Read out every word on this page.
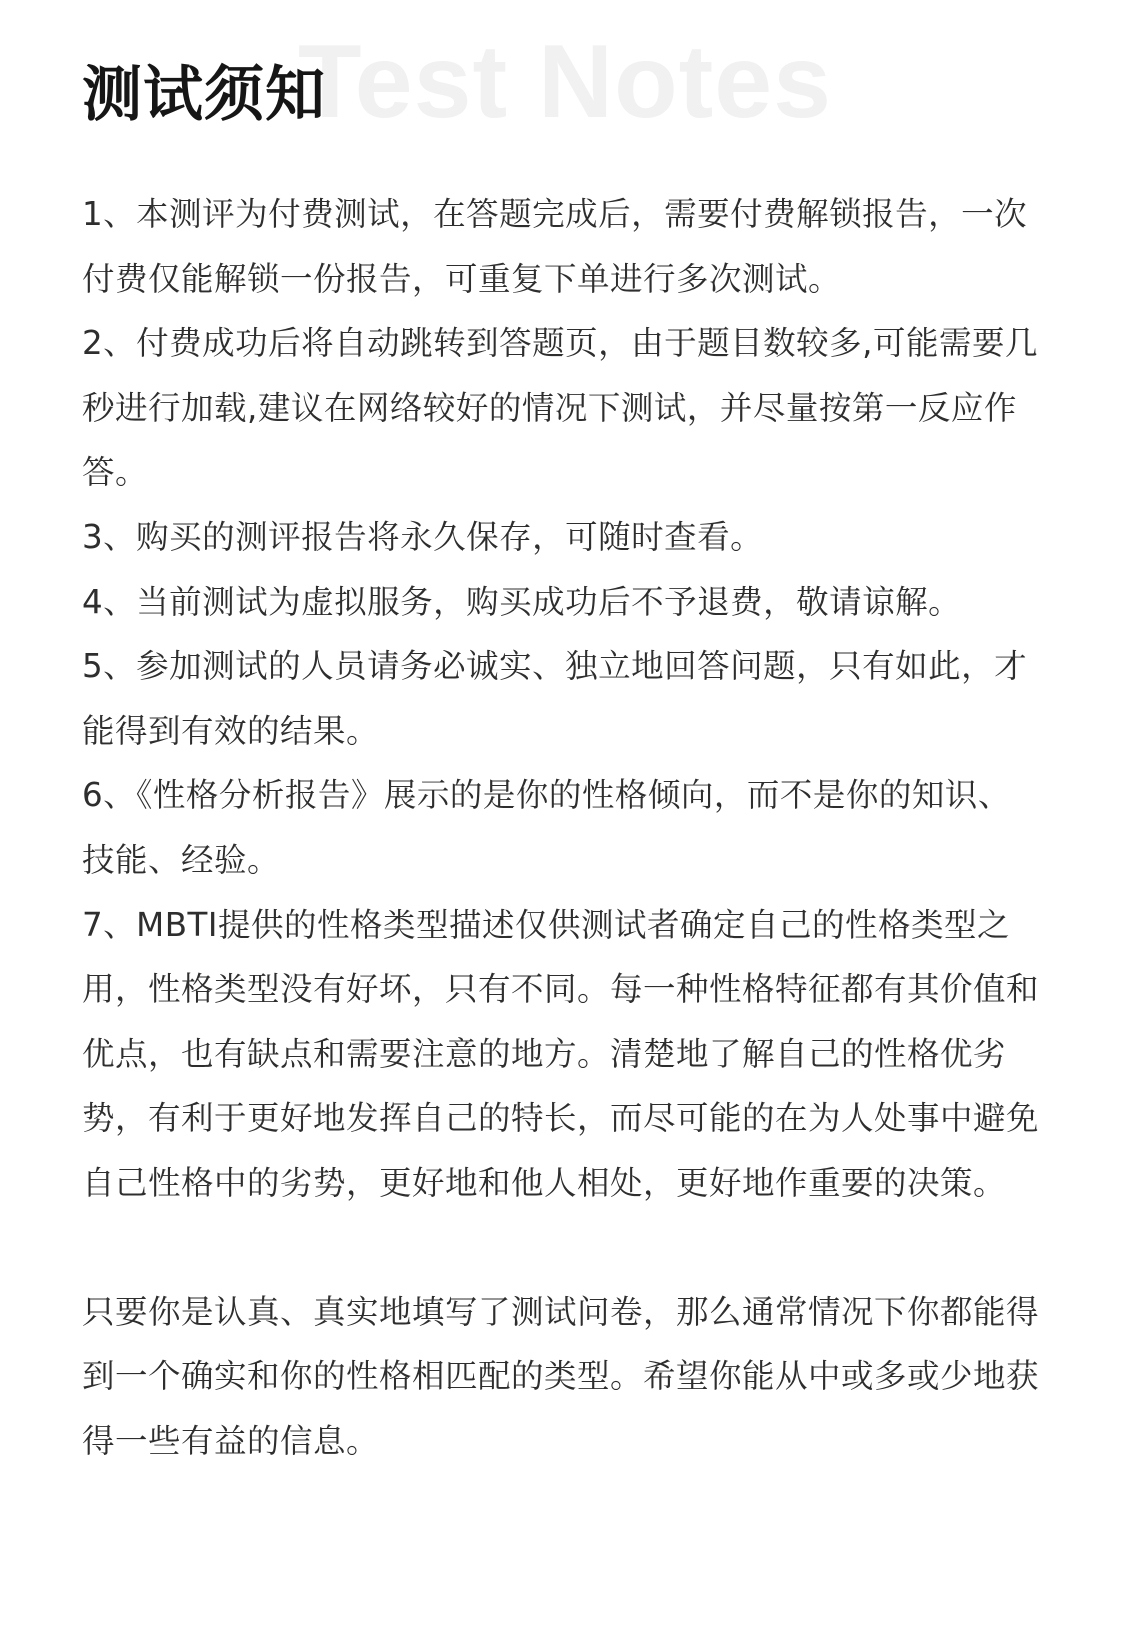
Test Notes
测试须知

1、本测评为付费测试，在答题完成后，需要付费解锁报告，一次付费仅能解锁一份报告，可重复下单进行多次测试。

2、付费成功后将自动跳转到答题页，由于题目数较多,可能需要几秒进行加载,建议在网络较好的情况下测试，并尽量按第一反应作答。

3、购买的测评报告将永久保存，可随时查看。

4、当前测试为虚拟服务，购买成功后不予退费，敬请谅解。

5、参加测试的人员请务必诚实、独立地回答问题，只有如此，才能得到有效的结果。

6、《性格分析报告》展示的是你的性格倾向，而不是你的知识、技能、经验。

7、MBTI提供的性格类型描述仅供测试者确定自己的性格类型之用，性格类型没有好坏，只有不同。每一种性格特征都有其价值和优点，也有缺点和需要注意的地方。清楚地了解自己的性格优劣势，有利于更好地发挥自己的特长，而尽可能的在为人处事中避免自己性格中的劣势，更好地和他人相处，更好地作重要的决策。

只要你是认真、真实地填写了测试问卷，那么通常情况下你都能得到一个确实和你的性格相匹配的类型。希望你能从中或多或少地获得一些有益的信息。
